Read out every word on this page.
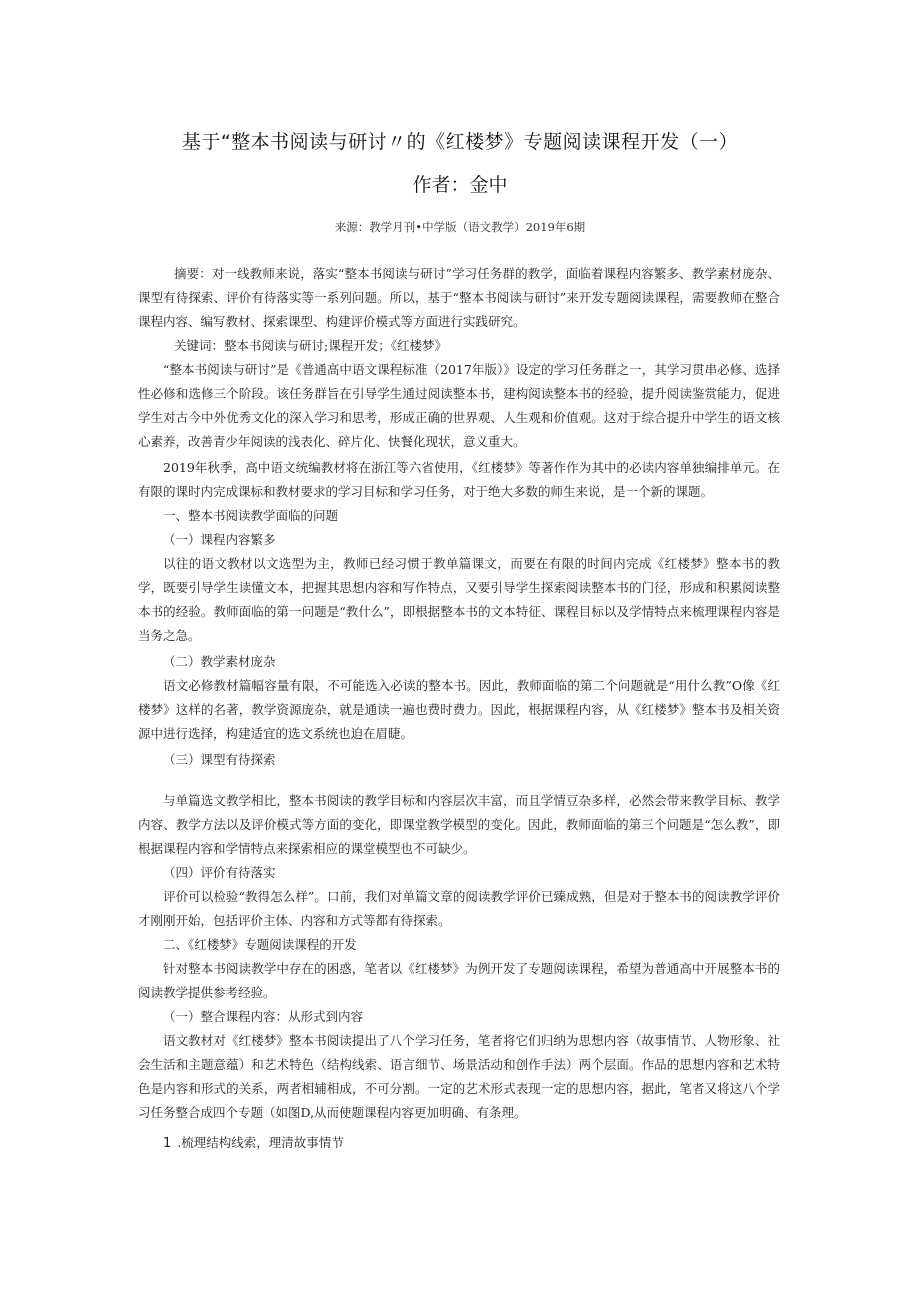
基于“整本书阅读与研讨〃的《红楼梦》专题阅读课程开发（一）
作者：金中
来源：教学月刊•中学版（语文教学）2019年6期

摘要：对一线教师来说，落实“整本书阅读与研讨”学习任务群的教学，面临着课程内容繁多、教学素材庞杂、课型有待探索、评价有待落实等一系列问题。所以，基于“整本书阅读与研讨”来开发专题阅读课程，需要教师在整合课程内容、编写教材、探索课型、构建评价模式等方面进行实践研究。

关键词：整本书阅读与研讨;课程开发；《红楼梦》

“整本书阅读与研讨”是《普通高中语文课程标准（2017年版）》设定的学习任务群之一，其学习贯串必修、选择性必修和选修三个阶段。该任务群旨在引导学生通过阅读整本书，建构阅读整本书的经验，提升阅读鉴赏能力，促进学生对古今中外优秀文化的深入学习和思考，形成正确的世界观、人生观和价值观。这对于综合提升中学生的语文核心素养，改善青少年阅读的浅表化、碎片化、快餐化现状，意义重大。

2019年秋季，高中语文统编教材将在浙江等六省使用，《红楼梦》等著作作为其中的必读内容单独编排单元。在有限的课时内完成课标和教材要求的学习目标和学习任务，对于绝大多数的师生来说，是一个新的课题。

一、整本书阅读教学面临的问题

（一）课程内容繁多

以往的语文教材以文选型为主，教师已经习惯于教单篇课文，而要在有限的时间内完成《红楼梦》整本书的教学，既要引导学生读懂文本，把握其思想内容和写作特点，又要引导学生探索阅读整本书的门径，形成和积累阅读整本书的经验。教师面临的第一问题是“教什么”，即根据整本书的文本特征、课程目标以及学情特点来梳理课程内容是当务之急。

（二）教学素材庞杂

语文必修教材篇幅容量有限，不可能选入必读的整本书。因此，教师面临的第二个问题就是“用什么教”O像《红楼梦》这样的名著，教学资源庞杂，就是通读一遍也费时费力。因此，根据课程内容，从《红楼梦》整本书及相关资源中进行选择，构建适宜的选文系统也迫在眉睫。

（三）课型有待探索

与单篇选文教学相比，整本书阅读的教学目标和内容层次丰富，而且学情豆杂多样，必然会带来教学目标、教学内容、教学方法以及评价模式等方面的变化，即课堂教学模型的变化。因此，教师面临的第三个问题是“怎么教”，即根据课程内容和学情特点来探索相应的课堂模型也不可缺少。

（四）评价有待落实

评价可以检验“教得怎么样”。口前，我们对单篇文章的阅读教学评价已臻成熟，但是对于整本书的阅读教学评价才刚刚开始，包括评价主体、内容和方式等都有待探索。

二、《红楼梦》专题阅读课程的开发

针对整本书阅读教学中存在的困惑，笔者以《红楼梦》为例开发了专题阅读课程，希望为普通高中开展整本书的阅读教学提供参考经验。

（一）整合课程内容：从形式到内容

语文教材对《红楼梦》整本书阅读提出了八个学习任务，笔者将它们归纳为思想内容（故事情节、人物形象、社会生活和主题意蕴）和艺术特色（结构线索、语言细节、场景活动和创作手法）两个层面。作品的思想内容和艺术特色是内容和形式的关系，两者相辅相成，不可分割。一定的艺术形式表现一定的思想内容，据此，笔者又将这八个学习任务整合成四个专题（如图D,从而使题课程内容更加明确、有条理。

1 .梳理结构线索，理清故事情节
